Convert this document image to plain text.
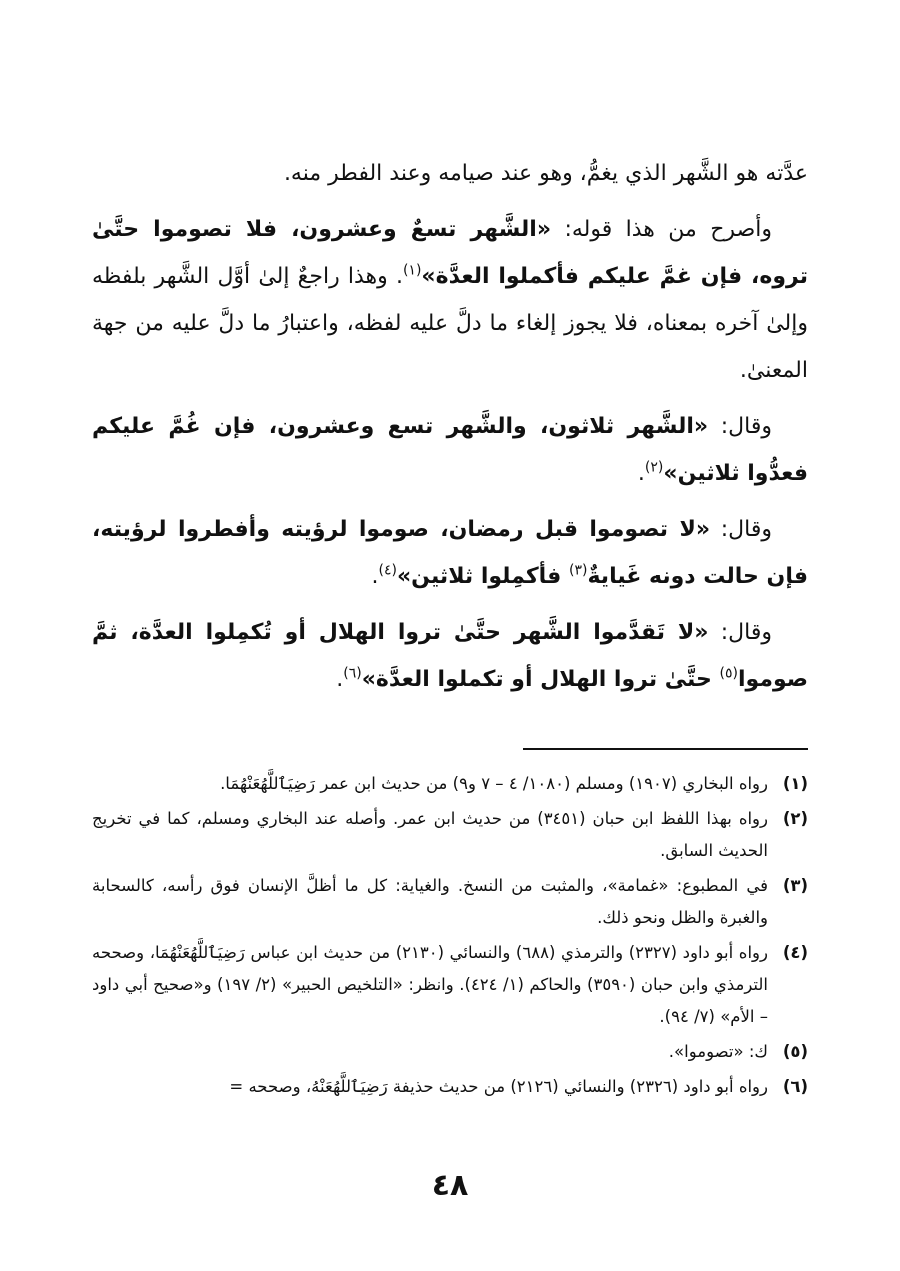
عدَّته هو الشَّهر الذي يغمُّ، وهو عند صيامه وعند الفطر منه.

وأصرح من هذا قوله: «الشَّهر تسعٌ وعشرون، فلا تصوموا حتَّىٰ تروه، فإن غمَّ عليكم فأكملوا العدَّة»$^{(١)}$. وهذا راجعٌ إلىٰ أوَّل الشَّهر بلفظه وإلىٰ آخره بمعناه، فلا يجوز إلغاء ما دلَّ عليه لفظه، واعتبارُ ما دلَّ عليه من جهة المعنىٰ.

وقال: «الشَّهر ثلاثون، والشَّهر تسع وعشرون، فإن غُمَّ عليكم فعدُّوا ثلاثين»$^{(٢)}$.

وقال: «لا تصوموا قبل رمضان، صوموا لرؤيته وأفطروا لرؤيته، فإن حالت دونه غَيايةٌ$^{(٣)}$ فأكمِلوا ثلاثين»$^{(٤)}$.

وقال: «لا تَقدَّموا الشَّهر حتَّىٰ تروا الهلال أو تُكمِلوا العدَّة، ثمَّ صوموا$^{(٥)}$ حتَّىٰ تروا الهلال أو تكملوا العدَّة»$^{(٦)}$.

(١)
رواه البخاري (١٩٠٧) ومسلم (١٠٨٠/ ٤ – ٧ و٩) من حديث ابن عمر رَضِيَٱللَّهُعَنْهُمَا.

(٢)
رواه بهذا اللفظ ابن حبان (٣٤٥١) من حديث ابن عمر. وأصله عند البخاري ومسلم، كما في تخريج الحديث السابق.

(٣)
في المطبوع: «غمامة»، والمثبت من النسخ. والغياية: كل ما أظلَّ الإنسان فوق رأسه، كالسحابة والغبرة والظل ونحو ذلك.

(٤)
رواه أبو داود (٢٣٢٧) والترمذي (٦٨٨) والنسائي (٢١٣٠) من حديث ابن عباس رَضِيَٱللَّهُعَنْهُمَا، وصححه الترمذي وابن حبان (٣٥٩٠) والحاكم (١/ ٤٢٤). وانظر: «التلخيص الحبير» (٢/ ١٩٧) و«صحيح أبي داود – الأم» (٧/ ٩٤).

(٥)
ك: «تصوموا».

(٦)
رواه أبو داود (٢٣٢٦) والنسائي (٢١٢٦) من حديث حذيفة رَضِيَٱللَّهُعَنْهُ، وصححه =

٤٨
